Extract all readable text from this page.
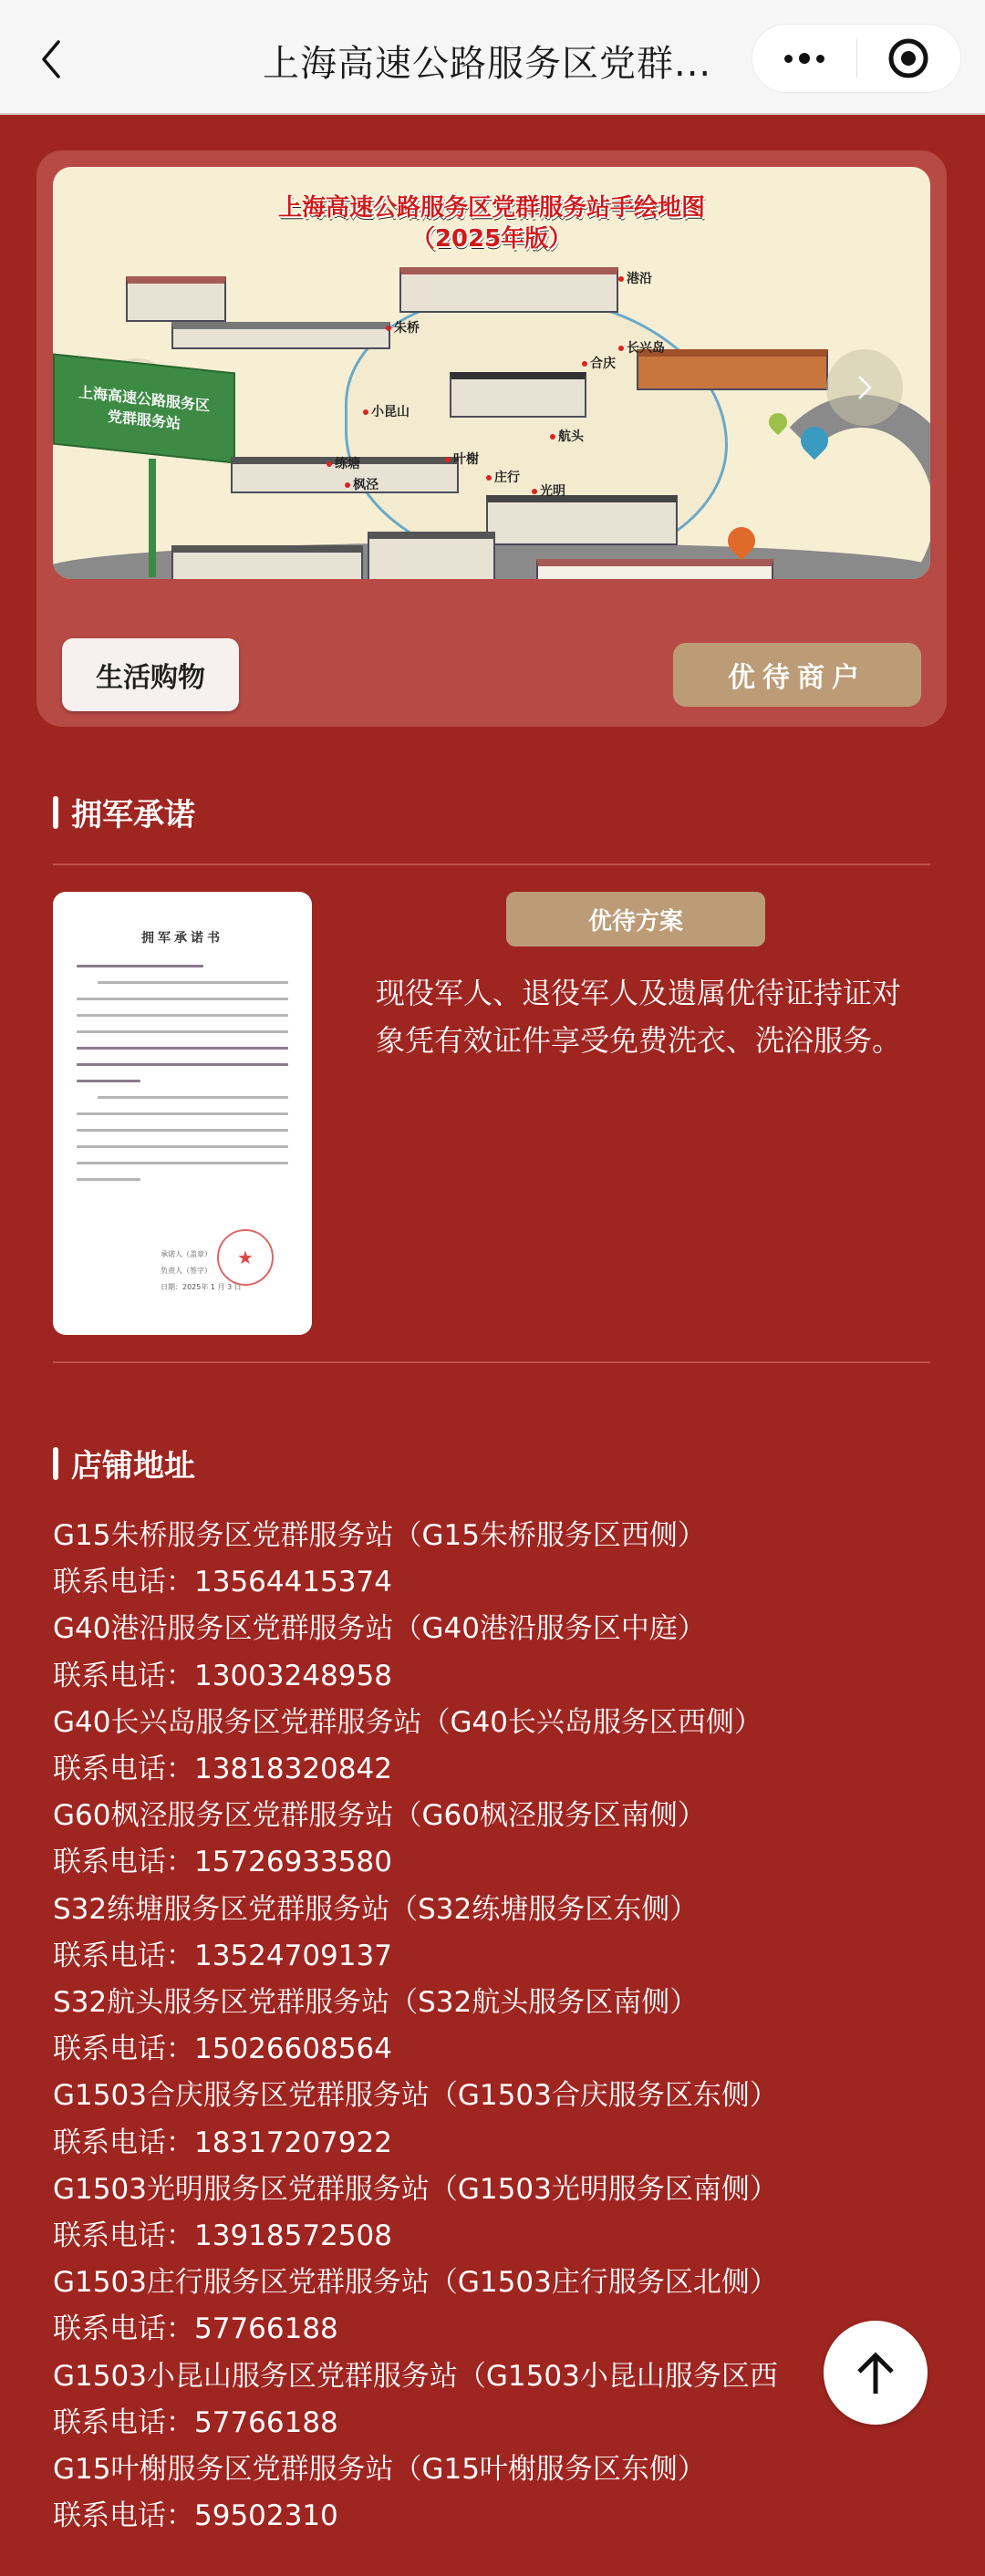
上海高速公路服务区党群...
上海高速公路服务区党群服务站手绘地图
（2025年版）
上海高速公路服务区
党群服务站
港沿
朱桥
长兴岛
合庆
小昆山
航头
叶榭
练塘
枫泾	庄行
光明
生活购物	优待商户
拥军承诺
拥军承诺书
承诺人（盖章）
负责人（签字）
日期：2025年 1 月 3 日
★
优待方案
现役军人、退役军人及遗属优待证持证对象凭有效证件享受免费洗衣、洗浴服务。
店铺地址
G15朱桥服务区党群服务站（G15朱桥服务区西侧）
联系电话：13564415374
G40港沿服务区党群服务站（G40港沿服务区中庭）
联系电话：13003248958
G40长兴岛服务区党群服务站（G40长兴岛服务区西侧）
联系电话：13818320842
G60枫泾服务区党群服务站（G60枫泾服务区南侧）
联系电话：15726933580
S32练塘服务区党群服务站（S32练塘服务区东侧）
联系电话：13524709137
S32航头服务区党群服务站（S32航头服务区南侧）
联系电话：15026608564
G1503合庆服务区党群服务站（G1503合庆服务区东侧）
联系电话：18317207922
G1503光明服务区党群服务站（G1503光明服务区南侧）
联系电话：13918572508
G1503庄行服务区党群服务站（G1503庄行服务区北侧）
联系电话：57766188
G1503小昆山服务区党群服务站（G1503小昆山服务区西
联系电话：57766188
G15叶榭服务区党群服务站（G15叶榭服务区东侧）
联系电话：59502310
